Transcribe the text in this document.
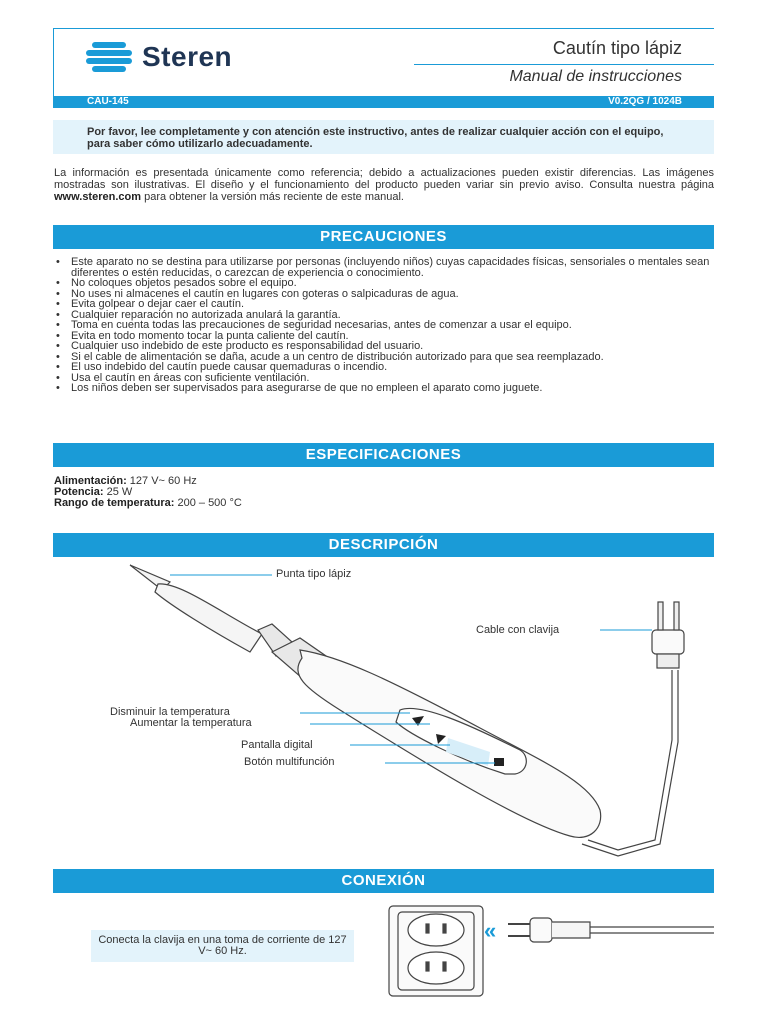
Steren	Cautín tipo lápiz
Manual de instrucciones
CAU-145	V0.2QG / 1024B
Por favor, lee completamente y con atención este instructivo, antes de realizar cualquier acción con el equipo, para saber cómo utilizarlo adecuadamente.
La información es presentada únicamente como referencia; debido a actualizaciones pueden existir diferencias. Las imágenes mostradas son ilustrativas. El diseño y el funcionamiento del producto pueden variar sin previo aviso. Consulta nuestra página www.steren.com para obtener la versión más reciente de este manual.
PRECAUCIONES
• Este aparato no se destina para utilizarse por personas (incluyendo niños) cuyas capacidades físicas, sensoriales o mentales sean diferentes o estén reducidas, o carezcan de experiencia o conocimiento.
• No coloques objetos pesados sobre el equipo.
• No uses ni almacenes el cautín en lugares con goteras o salpicaduras de agua.
• Evita golpear o dejar caer el cautín.
• Cualquier reparación no autorizada anulará la garantía.
• Toma en cuenta todas las precauciones de seguridad necesarias, antes de comenzar a usar el equipo.
• Evita en todo momento tocar la punta caliente del cautín.
• Cualquier uso indebido de este producto es responsabilidad del usuario.
• Si el cable de alimentación se daña, acude a un centro de distribución autorizado para que sea reemplazado.
• El uso indebido del cautín puede causar quemaduras o incendio.
• Usa el cautín en áreas con suficiente ventilación.
• Los niños deben ser supervisados para asegurarse de que no empleen el aparato como juguete.
ESPECIFICACIONES
Alimentación: 127 V~ 60 Hz
Potencia: 25 W
Rango de temperatura: 200 – 500 °C
DESCRIPCIÓN
Punta tipo lápiz
Cable con clavija
Disminuir la temperatura
Aumentar la temperatura
Pantalla digital
Botón multifunción
CONEXIÓN
Conecta la clavija en una toma de corriente de 127 V~ 60 Hz.
«
